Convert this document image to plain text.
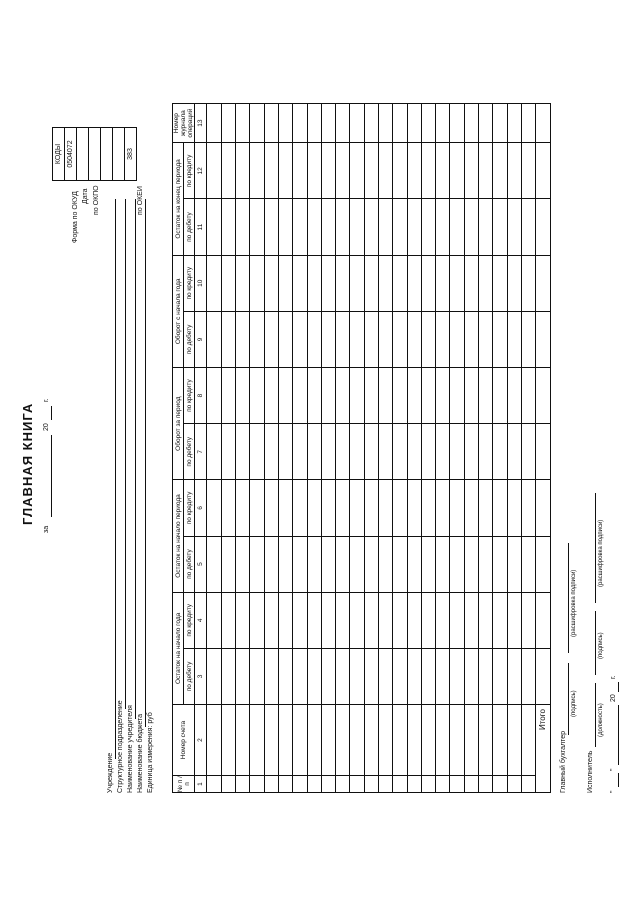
ГЛАВНАЯ КНИГА
за
20
г.
КОДЫ
0504072

383
Форма по ОКУД Дата по ОКПО	по ОКЕИ
Учреждение Структурное подразделение Наименование учредителя Наименование бюджета Единица измерения: руб	№ п / п	Номер счета	Остаток на начало года		Остаток на начало периода		Оборот за период		Оборот с начала года		Остаток на конец периода		Номер журнала операций
		по дебету	по кредиту	по дебету	по кредиту	по дебету	по кредиту	по дебету	по кредиту	по дебету	по кредиту	
1	2	3	4	5	6	7	8	9	10	11	12	13

Итого												
Главный бухгалтер
(подпись)
(расшифровка подписи)
Исполнитель
(должность)
(подпись)
(расшифровка подписи)
"
"
20
г.
